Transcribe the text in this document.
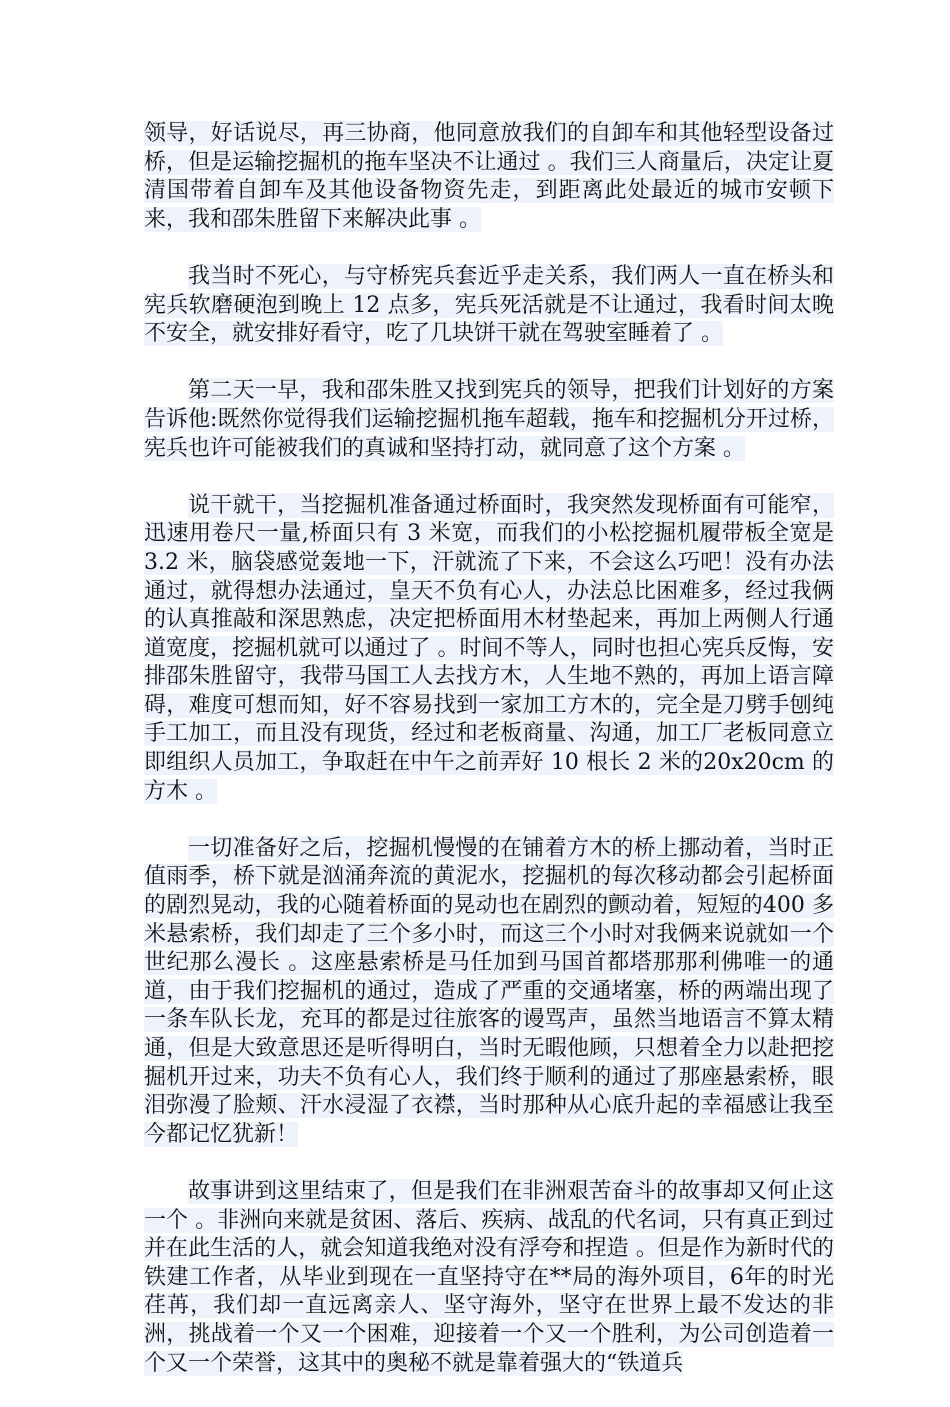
领导，好话说尽，再三协商，他同意放我们的自卸车和其他轻型设备过桥，但是运输挖掘机的拖车坚决不让通过 。我们三人商量后，决定让夏清国带着自卸车及其他设备物资先走，到距离此处最近的城市安顿下来，我和邵朱胜留下来解决此事 。

我当时不死心，与守桥宪兵套近乎走关系，我们两人一直在桥头和宪兵软磨硬泡到晚上 12 点多，宪兵死活就是不让通过，我看时间太晚不安全，就安排好看守，吃了几块饼干就在驾驶室睡着了 。

第二天一早，我和邵朱胜又找到宪兵的领导，把我们计划好的方案告诉他:既然你觉得我们运输挖掘机拖车超载，拖车和挖掘机分开过桥，宪兵也许可能被我们的真诚和坚持打动，就同意了这个方案 。

说干就干，当挖掘机准备通过桥面时，我突然发现桥面有可能窄，迅速用卷尺一量,桥面只有 3 米宽，而我们的小松挖掘机履带板全宽是 3.2 米，脑袋感觉轰地一下，汗就流了下来，不会这么巧吧！没有办法通过，就得想办法通过，皇天不负有心人，办法总比困难多，经过我俩的认真推敲和深思熟虑，决定把桥面用木材垫起来，再加上两侧人行通道宽度，挖掘机就可以通过了 。时间不等人，同时也担心宪兵反悔，安排邵朱胜留守，我带马国工人去找方木，人生地不熟的，再加上语言障碍，难度可想而知，好不容易找到一家加工方木的，完全是刀劈手刨纯手工加工，而且没有现货，经过和老板商量、沟通，加工厂老板同意立即组织人员加工，争取赶在中午之前弄好 10 根长 2 米的20x20cm 的方木 。

一切准备好之后，挖掘机慢慢的在铺着方木的桥上挪动着，当时正值雨季，桥下就是汹涌奔流的黄泥水，挖掘机的每次移动都会引起桥面的剧烈晃动，我的心随着桥面的晃动也在剧烈的颤动着，短短的400 多米悬索桥，我们却走了三个多小时，而这三个小时对我俩来说就如一个世纪那么漫长 。这座悬索桥是马任加到马国首都塔那那利佛唯一的通道，由于我们挖掘机的通过，造成了严重的交通堵塞，桥的两端出现了一条车队长龙，充耳的都是过往旅客的谩骂声，虽然当地语言不算太精通，但是大致意思还是听得明白，当时无暇他顾，只想着全力以赴把挖掘机开过来，功夫不负有心人，我们终于顺利的通过了那座悬索桥，眼泪弥漫了脸颊、汗水浸湿了衣襟，当时那种从心底升起的幸福感让我至今都记忆犹新！

故事讲到这里结束了，但是我们在非洲艰苦奋斗的故事却又何止这一个 。非洲向来就是贫困、落后、疾病、战乱的代名词，只有真正到过并在此生活的人，就会知道我绝对没有浮夸和捏造 。但是作为新时代的铁建工作者，从毕业到现在一直坚持守在**局的海外项目，6年的时光荏苒，我们却一直远离亲人、坚守海外，坚守在世界上最不发达的非洲，挑战着一个又一个困难，迎接着一个又一个胜利，为公司创造着一个又一个荣誉，这其中的奥秘不就是靠着强大的“铁道兵
